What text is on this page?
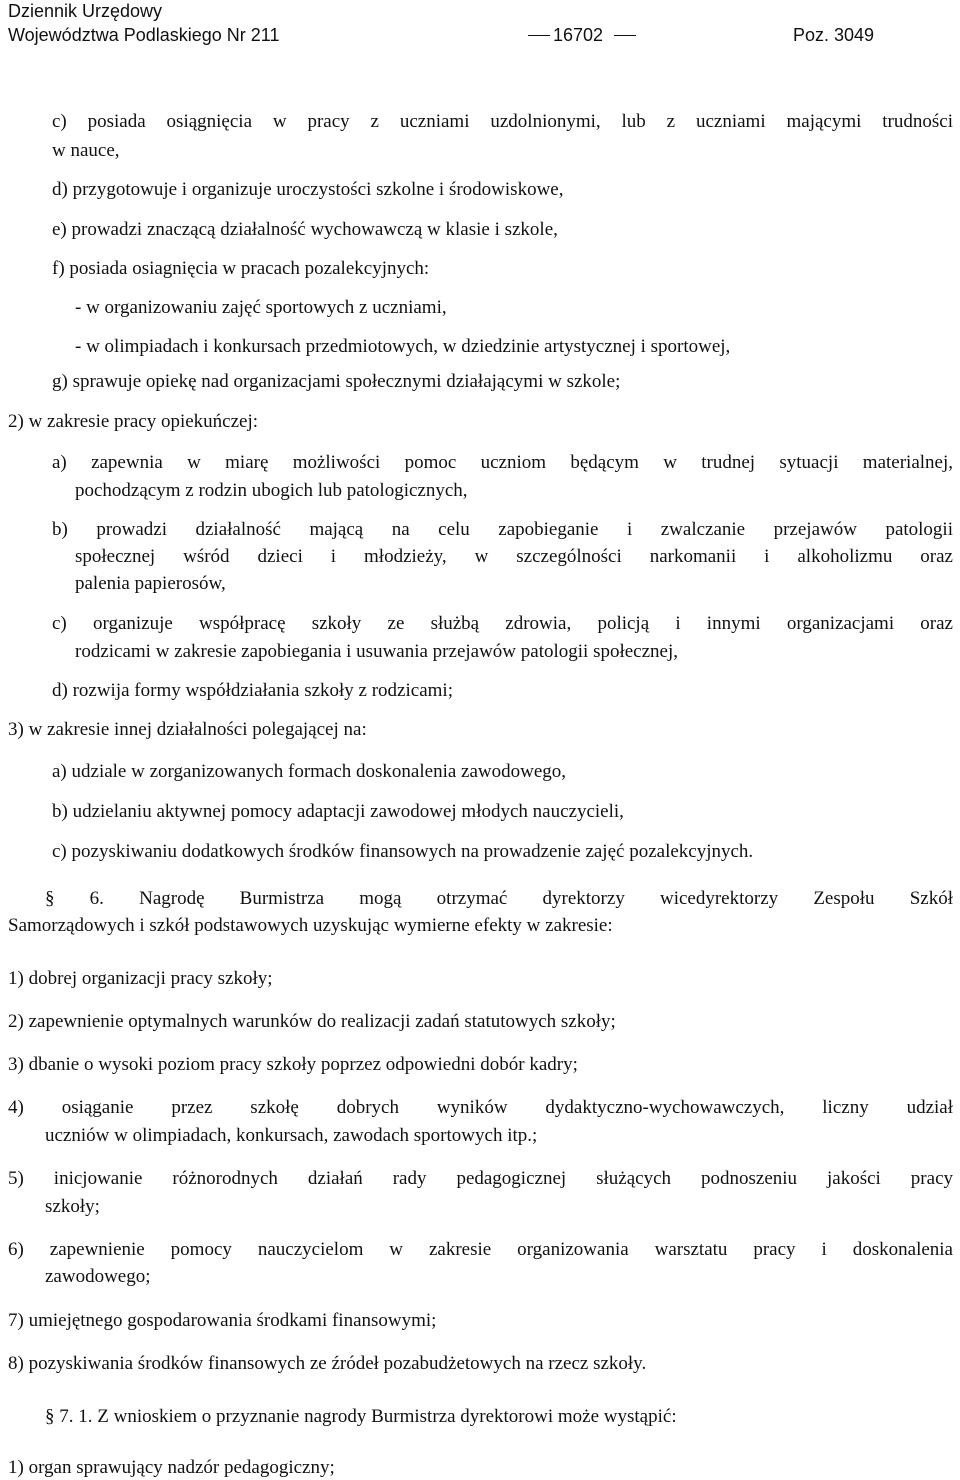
Dziennik Urzędowy
Województwa Podlaskiego Nr 211	16702	Poz. 3049
c) posiada osiągnięcia w pracy z uczniami uzdolnionymi, lub z uczniami mającymi trudności
w nauce,
d) przygotowuje i organizuje uroczystości szkolne i środowiskowe,
e) prowadzi znaczącą działalność wychowawczą w klasie i szkole,
f) posiada osiagnięcia w pracach pozalekcyjnych:
- w organizowaniu zajęć sportowych z uczniami,
- w olimpiadach i konkursach przedmiotowych, w dziedzinie artystycznej i sportowej,
g) sprawuje opiekę nad organizacjami społecznymi działającymi w szkole;
2) w zakresie pracy opiekuńczej:
a) zapewnia w miarę możliwości pomoc uczniom będącym w trudnej sytuacji materialnej,
pochodzącym z rodzin ubogich lub patologicznych,
b) prowadzi działalność mającą na celu zapobieganie i zwalczanie przejawów patologii
społecznej wśród dzieci i młodzieży, w szczególności narkomanii i alkoholizmu oraz
palenia papierosów,
c) organizuje współpracę szkoły ze służbą zdrowia, policją i innymi organizacjami oraz
rodzicami w zakresie zapobiegania i usuwania przejawów patologii społecznej,
d) rozwija formy współdziałania szkoły z rodzicami;
3) w zakresie innej działalności polegającej na:
a) udziale w zorganizowanych formach doskonalenia zawodowego,
b) udzielaniu aktywnej pomocy adaptacji zawodowej młodych nauczycieli,
c) pozyskiwaniu dodatkowych środków finansowych na prowadzenie zajęć pozalekcyjnych.
§ 6. Nagrodę Burmistrza mogą otrzymać dyrektorzy wicedyrektorzy Zespołu Szkół
Samorządowych i szkół podstawowych uzyskując wymierne efekty w zakresie:
1) dobrej organizacji pracy szkoły;
2) zapewnienie optymalnych warunków do realizacji zadań statutowych szkoły;
3) dbanie o wysoki poziom pracy szkoły poprzez odpowiedni dobór kadry;
4) osiąganie przez szkołę dobrych wyników dydaktyczno-wychowawczych, liczny udział
uczniów w olimpiadach, konkursach, zawodach sportowych itp.;
5) inicjowanie różnorodnych działań rady pedagogicznej służących podnoszeniu jakości pracy
szkoły;
6) zapewnienie pomocy nauczycielom w zakresie organizowania warsztatu pracy i doskonalenia
zawodowego;
7) umiejętnego gospodarowania środkami finansowymi;
8) pozyskiwania środków finansowych ze źródeł pozabudżetowych na rzecz szkoły.
§ 7. 1. Z wnioskiem o przyznanie nagrody Burmistrza dyrektorowi może wystąpić:
1) organ sprawujący nadzór pedagogiczny;
